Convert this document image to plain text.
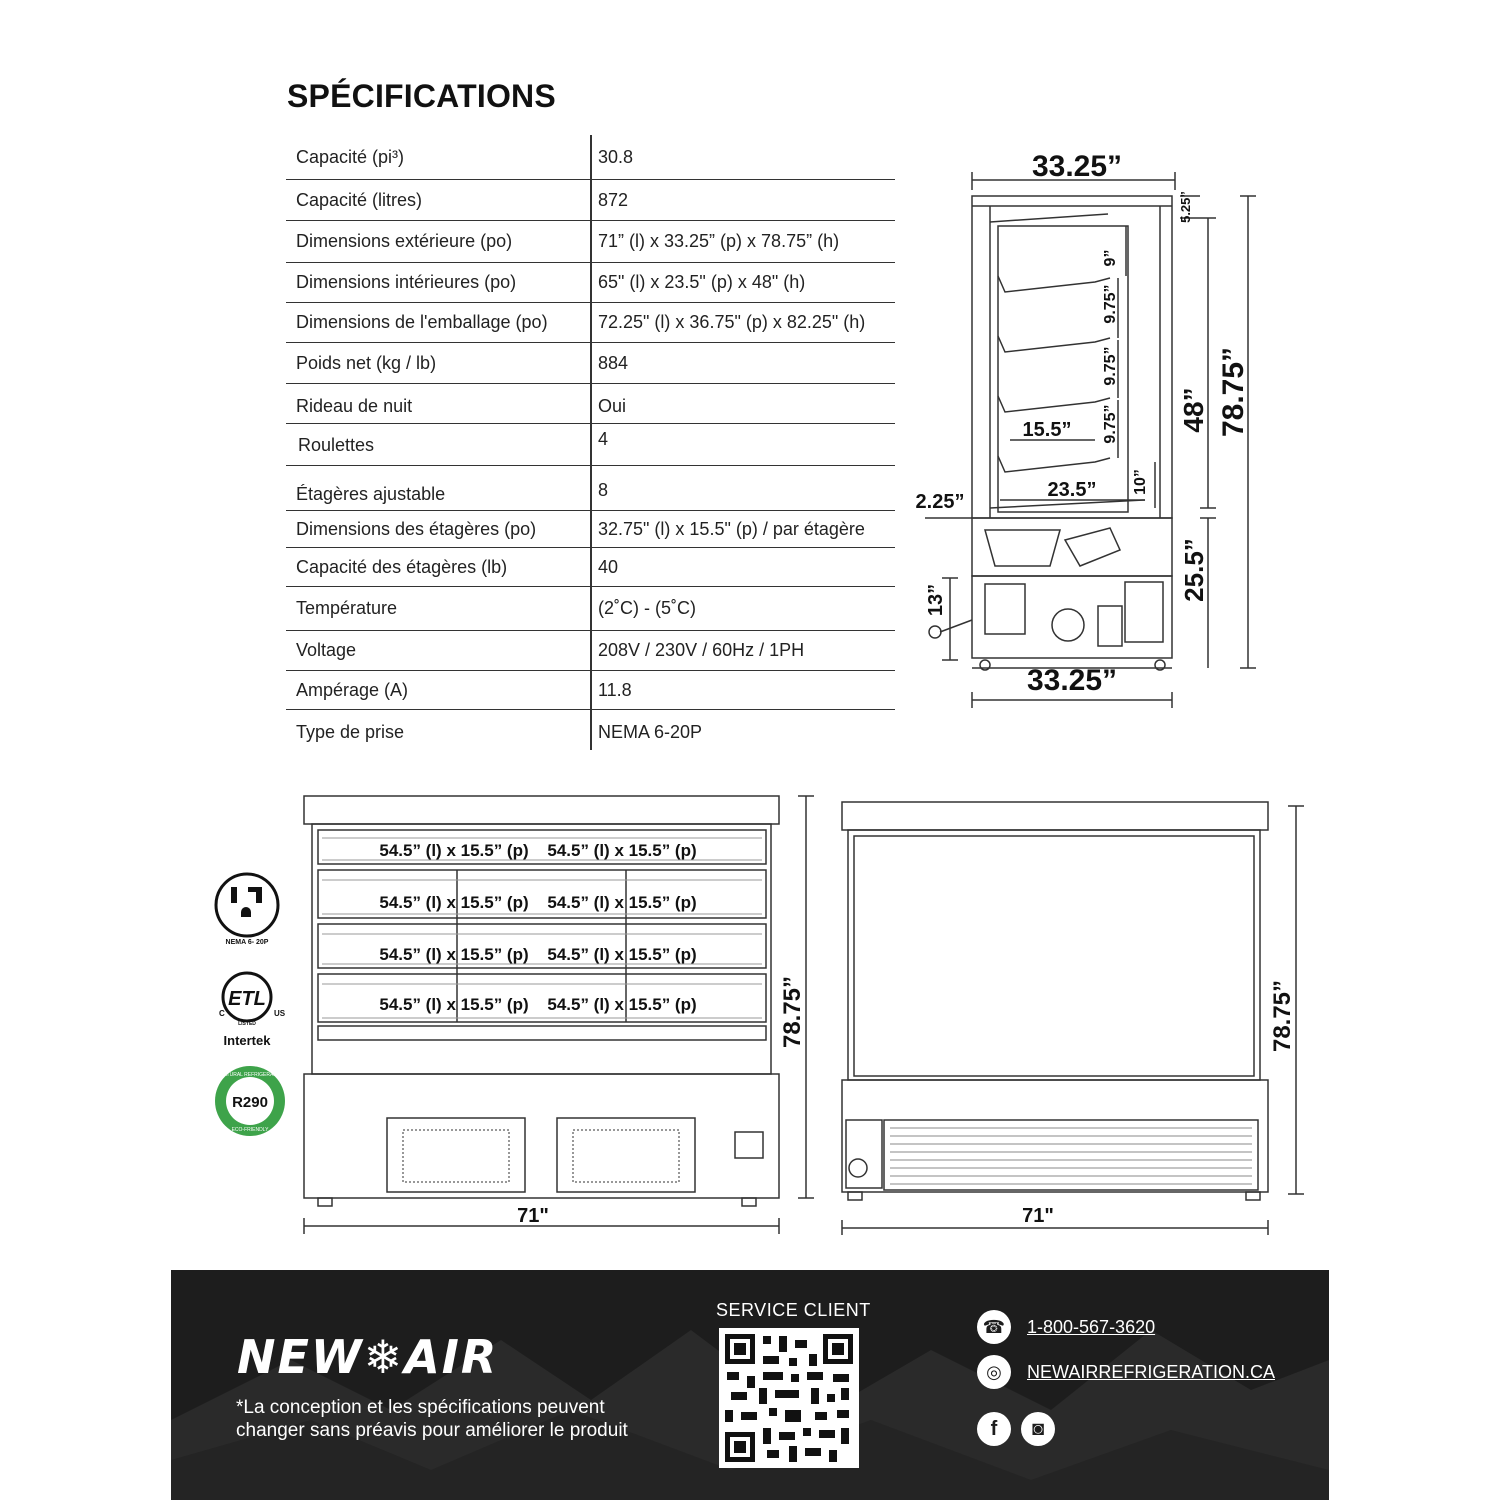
SPÉCIFICATIONS
Capacité (pi³)	30.8
Capacité (litres)	872
Dimensions extérieure (po)	71” (l) x 33.25” (p) x 78.75” (h)
Dimensions intérieures (po)	65" (l) x 23.5" (p) x 48" (h)
Dimensions de l'emballage (po)	72.25" (l) x 36.75" (p) x 82.25" (h)
Poids net (kg / lb)	884
Rideau de nuit	Oui
Roulettes	4
Étagères ajustable	8
Dimensions des étagères (po)	32.75" (l) x 15.5" (p) / par étagère
Capacité des étagères (lb)	40
Température	(2˚C) - (5˚C)
Voltage	208V / 230V / 60Hz / 1PH
Ampérage (A)	11.8
Type de prise	NEMA 6-20P
33.25”
33.25”
5.25”
78.75”
48”
25.5”
9”
9.75”
9.75”
9.75”
10”
15.5”
23.5”
2.25”
13”
54.5” (l) x 15.5” (p) 54.5” (l) x 15.5” (p)
54.5” (l) x 15.5” (p) 54.5” (l) x 15.5” (p)
54.5” (l) x 15.5” (p) 54.5” (l) x 15.5” (p)
54.5” (l) x 15.5” (p) 54.5” (l) x 15.5” (p)	78.75”
71"
78.75”
71"
NEMA 6- 20P
ETL
C	US
LISTED
Intertek
R290
NATURAL REFRIGERANT
ECO-FRIENDLY
NEW❄AIR
*La conception et les spécifications peuvent changer sans préavis pour améliorer le produit
SERVICE CLIENT
☎	1-800-567-3620
◎	NEWAIRREFRIGERATION.CA
f	◙
